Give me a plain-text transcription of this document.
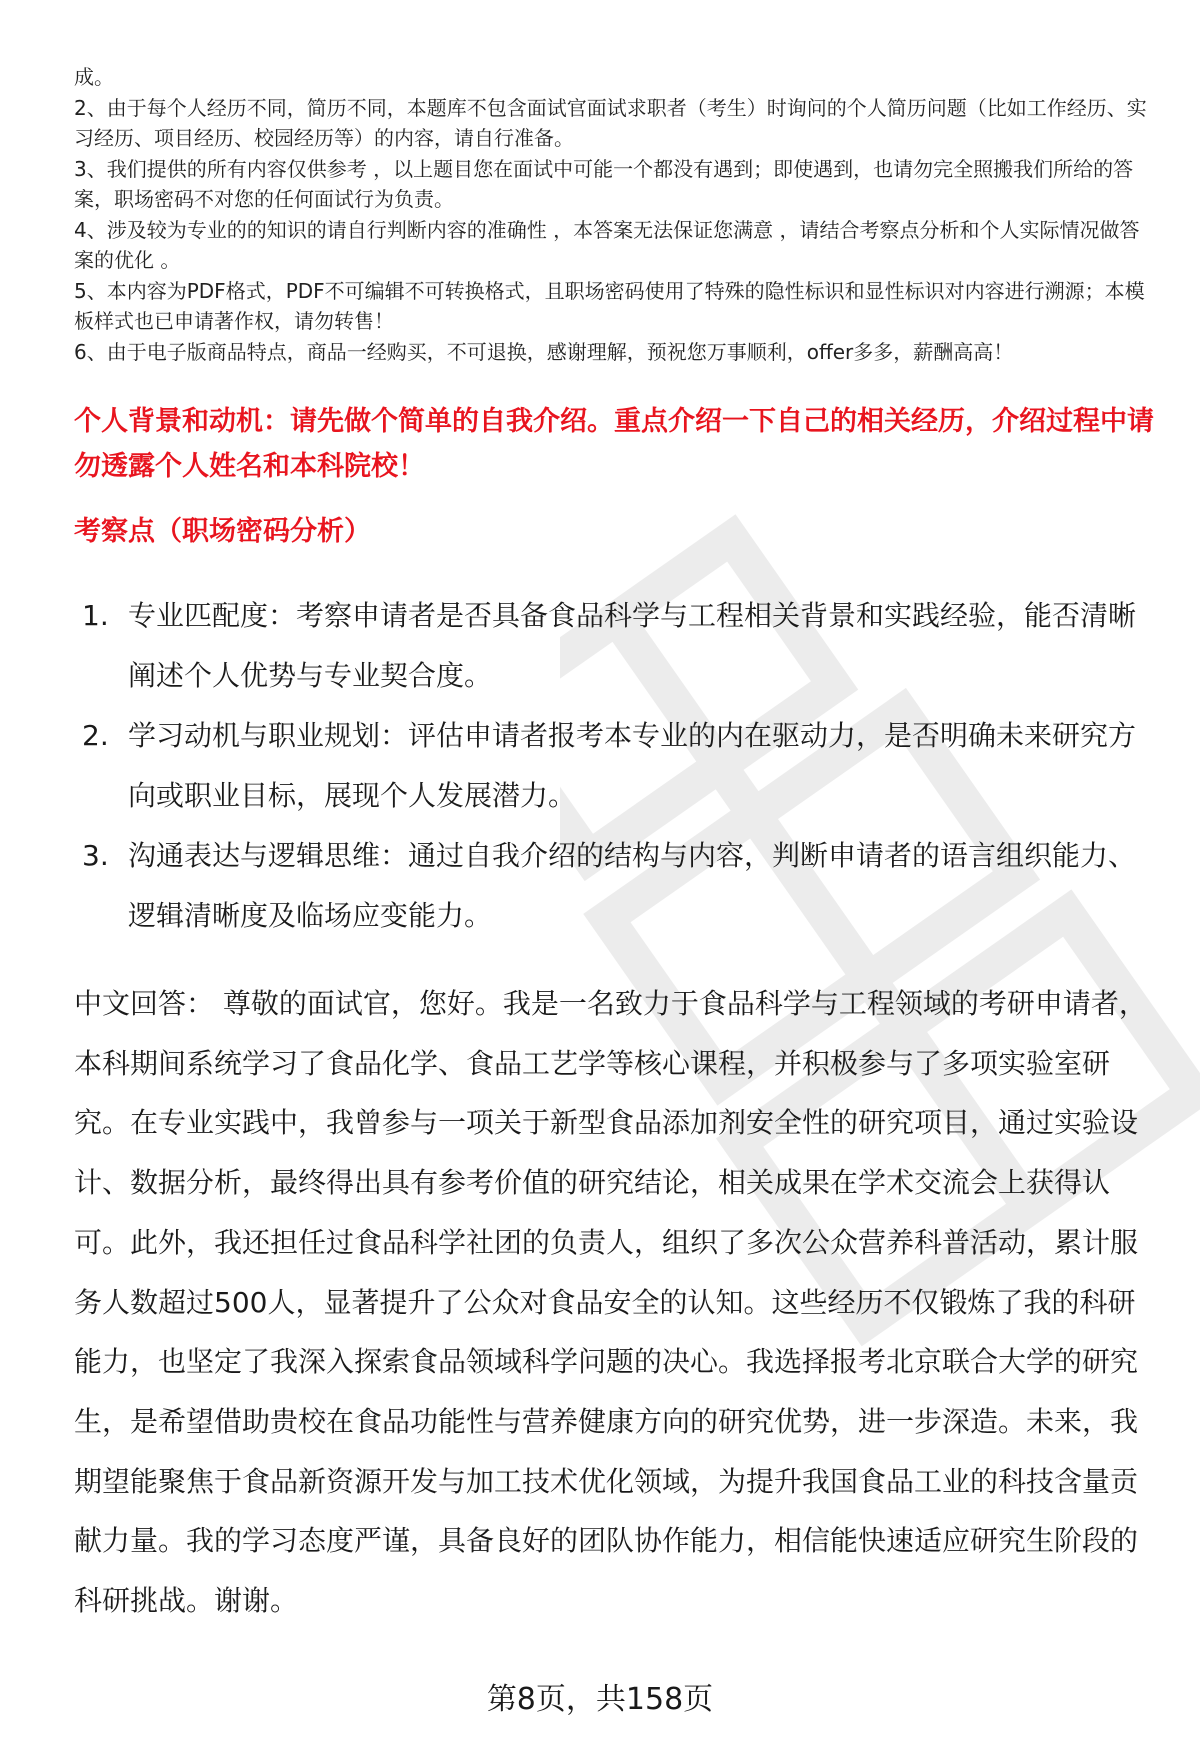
职场密码

成。

2、由于每个人经历不同，简历不同，本题库不包含面试官面试求职者（考生）时询问的个人简历问题（比如工作经历、实习经历、项目经历、校园经历等）的内容，请自行准备。

3、我们提供的所有内容仅供参考 ，以上题目您在面试中可能一个都没有遇到；即使遇到，也请勿完全照搬我们所给的答案，职场密码不对您的任何面试行为负责。

4、涉及较为专业的的知识的请自行判断内容的准确性 ，本答案无法保证您满意 ，请结合考察点分析和个人实际情况做答案的优化 。

5、本内容为PDF格式，PDF不可编辑不可转换格式，且职场密码使用了特殊的隐性标识和显性标识对内容进行溯源；本模板样式也已申请著作权，请勿转售！

6、由于电子版商品特点，商品一经购买，不可退换，感谢理解，预祝您万事顺利，offer多多，薪酬高高！

个人背景和动机：请先做个简单的自我介绍。重点介绍一下自己的相关经历，介绍过程中请勿透露个人姓名和本科院校！

考察点（职场密码分析）

1. 专业匹配度：考察申请者是否具备食品科学与工程相关背景和实践经验，能否清晰阐述个人优势与专业契合度。
2. 学习动机与职业规划：评估申请者报考本专业的内在驱动力，是否明确未来研究方向或职业目标，展现个人发展潜力。
3. 沟通表达与逻辑思维：通过自我介绍的结构与内容，判断申请者的语言组织能力、逻辑清晰度及临场应变能力。

中文回答： 尊敬的面试官，您好。我是一名致力于食品科学与工程领域的考研申请者，本科期间系统学习了食品化学、食品工艺学等核心课程，并积极参与了多项实验室研究。在专业实践中，我曾参与一项关于新型食品添加剂安全性的研究项目，通过实验设计、数据分析，最终得出具有参考价值的研究结论，相关成果在学术交流会上获得认可。此外，我还担任过食品科学社团的负责人，组织了多次公众营养科普活动，累计服务人数超过500人，显著提升了公众对食品安全的认知。这些经历不仅锻炼了我的科研能力，也坚定了我深入探索食品领域科学问题的决心。我选择报考北京联合大学的研究生，是希望借助贵校在食品功能性与营养健康方向的研究优势，进一步深造。未来，我期望能聚焦于食品新资源开发与加工技术优化领域，为提升我国食品工业的科技含量贡献力量。我的学习态度严谨，具备良好的团队协作能力，相信能快速适应研究生阶段的科研挑战。谢谢。

第8页，共158页
